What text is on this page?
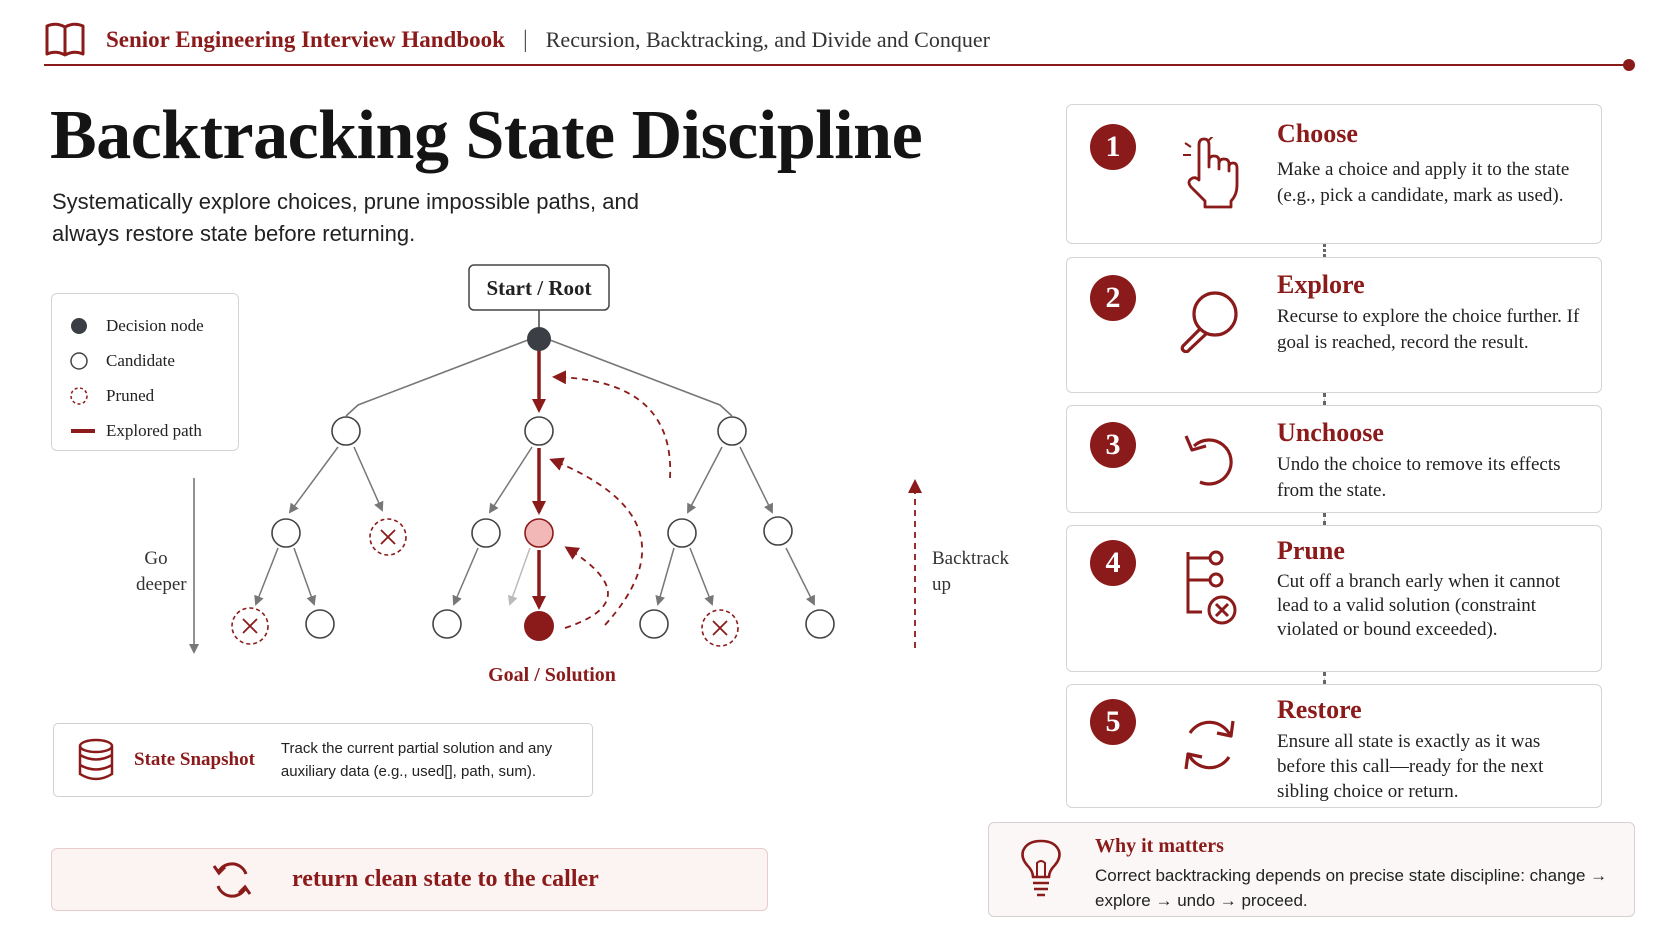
Senior Engineering Interview Handbook | Recursion, Backtracking, and Divide and Conquer
Backtracking State Discipline

Systematically explore choices, prune impossible paths, and always restore state before returning.

Decision node
Candidate
Pruned
Explored path
Start / Root
Goal / Solution
Go
deeper
Backtrack
up
State Snapshot
Track the current partial solution and any auxiliary data (e.g., used[], path, sum).
return clean state to the caller
1	Choose
Make a choice and apply it to the state (e.g., pick a candidate, mark as used).
2	Explore
Recurse to explore the choice further. If goal is reached, record the result.
3	Unchoose
Undo the choice to remove its effects from the state.
4	Prune
Cut off a branch early when it cannot lead to a valid solution (constraint violated or bound exceeded).
5	Restore
Ensure all state is exactly as it was before this call—ready for the next sibling choice or return.
Why it matters
Correct backtracking depends on precise state discipline: change → explore → undo → proceed.
